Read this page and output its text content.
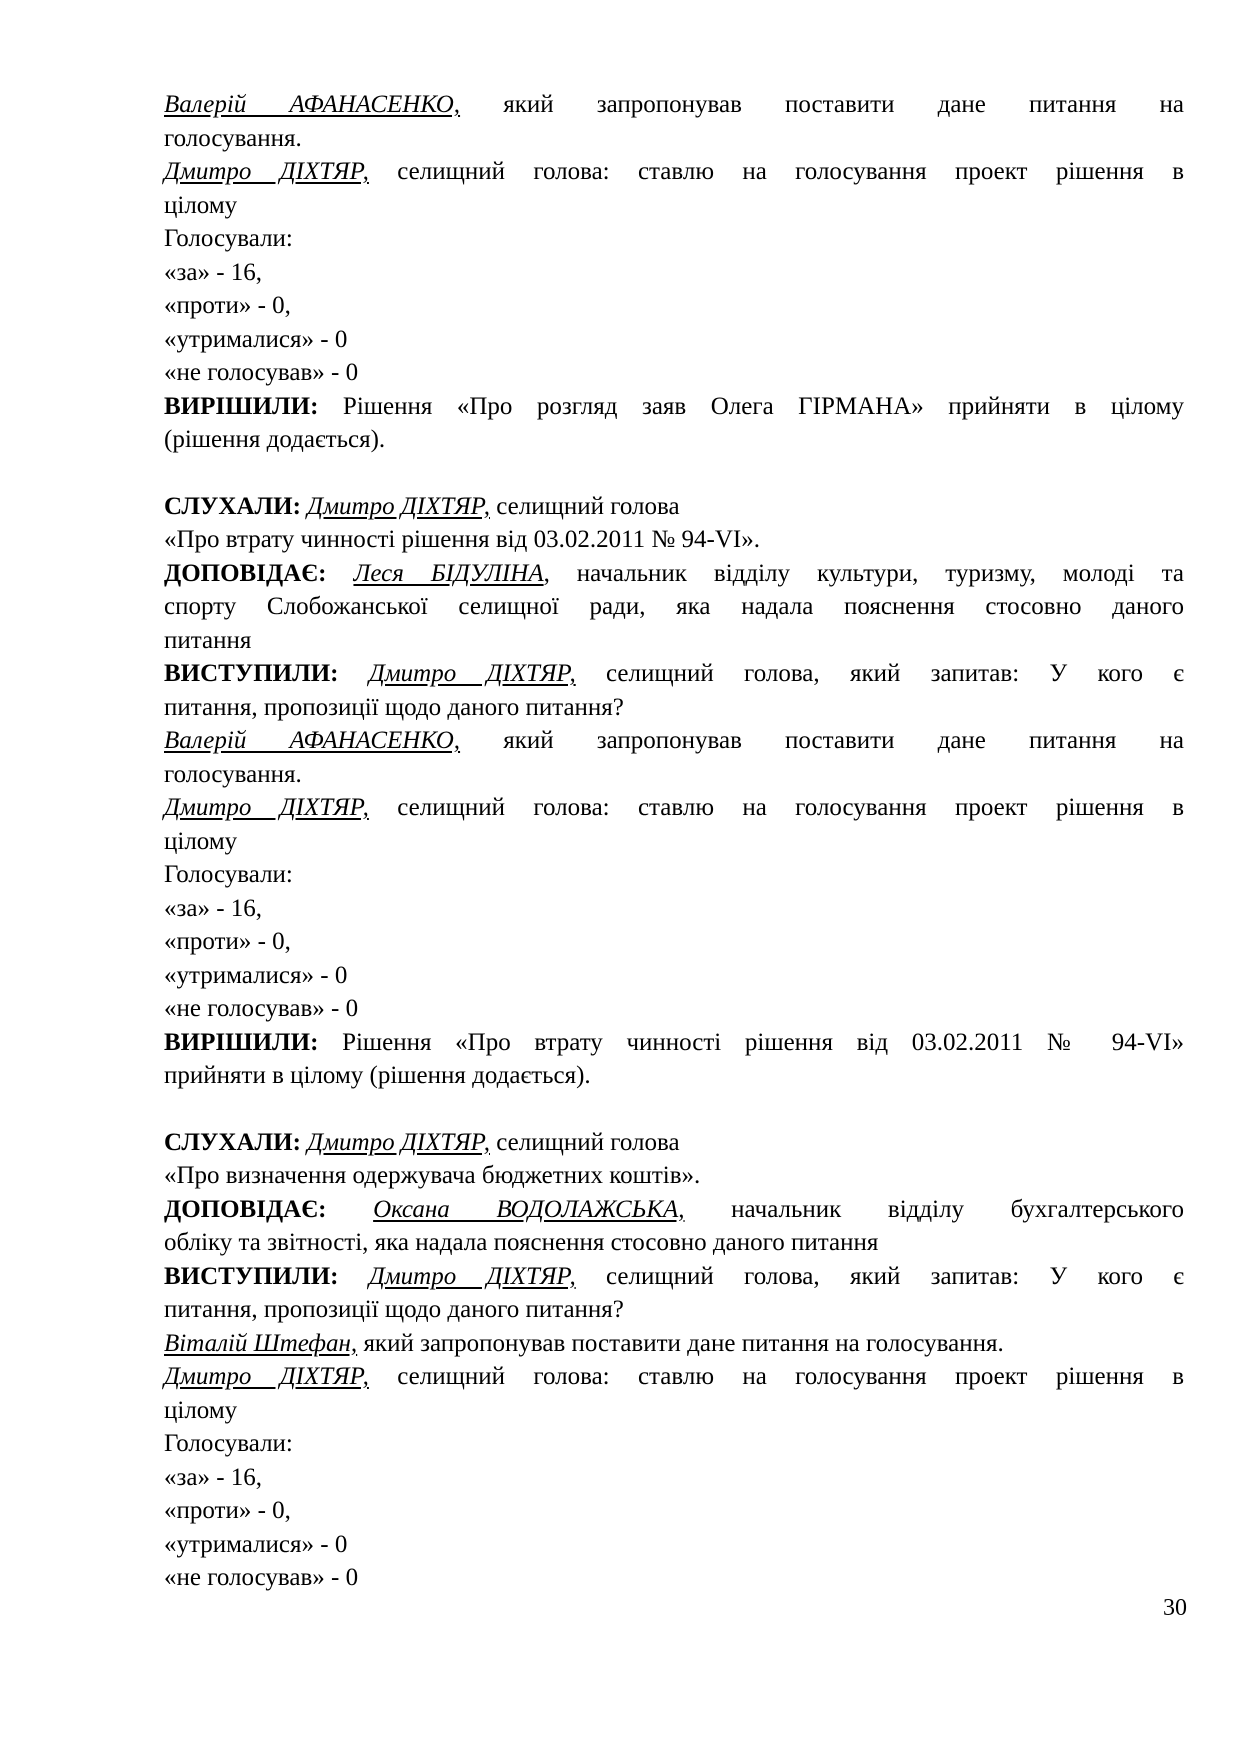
Валерій АФАНАСЕНКО, який запропонував поставити дане питання на

голосування.

Дмитро ДІХТЯР, селищний голова: ставлю на голосування проект рішення в

цілому

Голосували:

«за» - 16,

«проти» - 0,

«утрималися» - 0

«не голосував» - 0

ВИРІШИЛИ: Рішення «Про розгляд заяв Олега ГІРМАНА» прийняти в цілому

(рішення додається).

СЛУХАЛИ: Дмитро ДІХТЯР, селищний голова

«Про втрату чинності рішення від 03.02.2011 № 94-VI».

ДОПОВІДАЄ: Леся БІДУЛІНА, начальник відділу культури, туризму, молоді та

спорту Слобожанської селищної ради, яка надала пояснення стосовно даного

питання

ВИСТУПИЛИ: Дмитро ДІХТЯР, селищний голова, який запитав: У кого є

питання, пропозиції щодо даного питання?

Валерій АФАНАСЕНКО, який запропонував поставити дане питання на

голосування.

Дмитро ДІХТЯР, селищний голова: ставлю на голосування проект рішення в

цілому

Голосували:

«за» - 16,

«проти» - 0,

«утрималися» - 0

«не голосував» - 0

ВИРІШИЛИ: Рішення «Про втрату чинності рішення від 03.02.2011 № 94-VI»

прийняти в цілому (рішення додається).

СЛУХАЛИ: Дмитро ДІХТЯР, селищний голова

«Про визначення одержувача бюджетних коштів».

ДОПОВІДАЄ: Оксана ВОДОЛАЖСЬКА, начальник відділу бухгалтерського

обліку та звітності, яка надала пояснення стосовно даного питання

ВИСТУПИЛИ: Дмитро ДІХТЯР, селищний голова, який запитав: У кого є

питання, пропозиції щодо даного питання?

Віталій Штефан, який запропонував поставити дане питання на голосування.

Дмитро ДІХТЯР, селищний голова: ставлю на голосування проект рішення в

цілому

Голосували:

«за» - 16,

«проти» - 0,

«утрималися» - 0

«не голосував» - 0

30
